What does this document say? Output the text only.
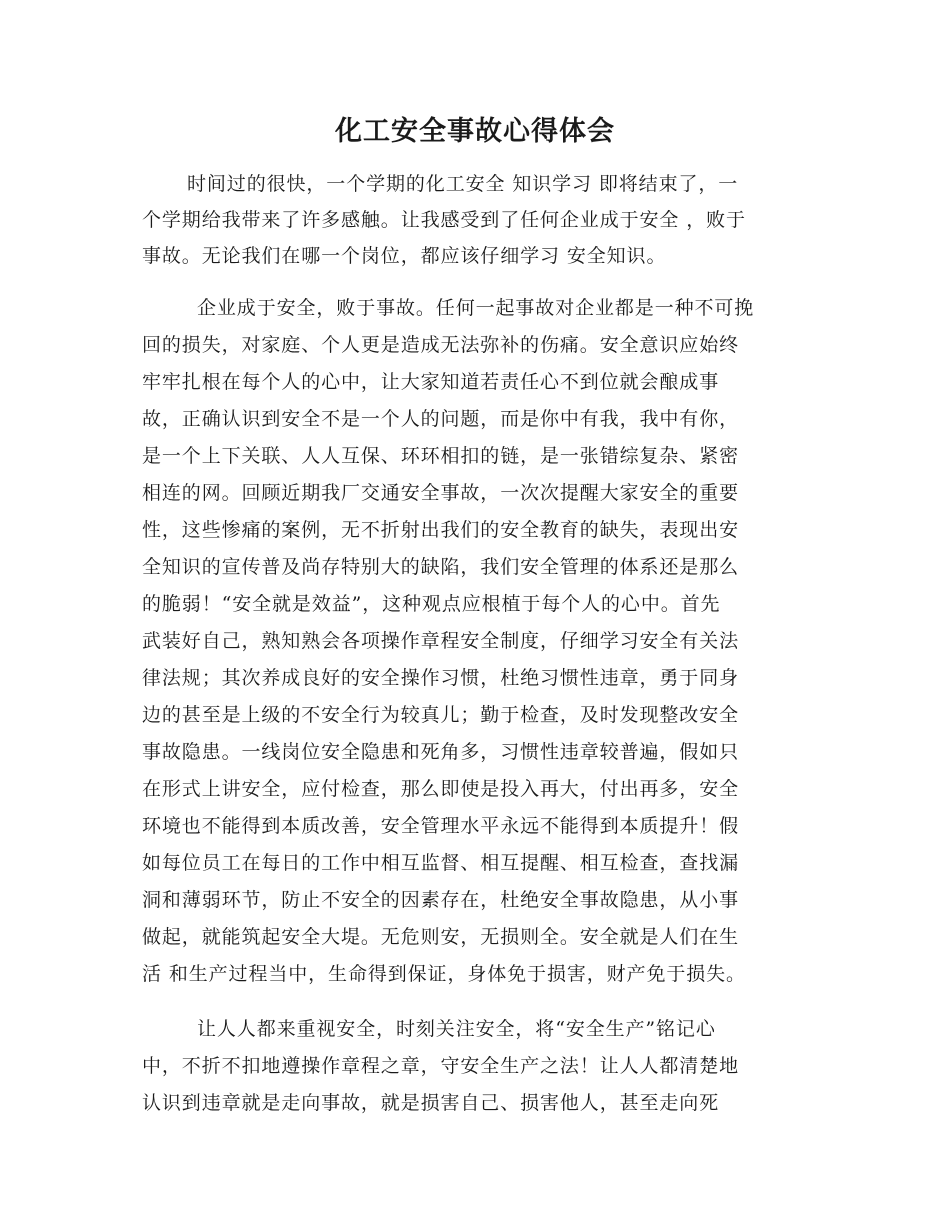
化工安全事故心得体会

时间过的很快，一个学期的化工安全 知识学习 即将结束了，一

个学期给我带来了许多感触。让我感受到了任何企业成于安全 ，败于

事故。无论我们在哪一个岗位，都应该仔细学习 安全知识。

企业成于安全，败于事故。任何一起事故对企业都是一种不可挽

回的损失，对家庭、个人更是造成无法弥补的伤痛。安全意识应始终

牢牢扎根在每个人的心中，让大家知道若责任心不到位就会酿成事

故，正确认识到安全不是一个人的问题，而是你中有我，我中有你，

是一个上下关联、人人互保、环环相扣的链，是一张错综复杂、紧密

相连的网。回顾近期我厂交通安全事故，一次次提醒大家安全的重要

性，这些惨痛的案例，无不折射出我们的安全教育的缺失，表现出安

全知识的宣传普及尚存特别大的缺陷，我们安全管理的体系还是那么

的脆弱！“安全就是效益”，这种观点应根植于每个人的心中。首先

武装好自己，熟知熟会各项操作章程安全制度，仔细学习安全有关法

律法规；其次养成良好的安全操作习惯，杜绝习惯性违章，勇于同身

边的甚至是上级的不安全行为较真儿；勤于检查，及时发现整改安全

事故隐患。一线岗位安全隐患和死角多，习惯性违章较普遍，假如只

在形式上讲安全，应付检查，那么即使是投入再大，付出再多，安全

环境也不能得到本质改善，安全管理水平永远不能得到本质提升！假

如每位员工在每日的工作中相互监督、相互提醒、相互检查，查找漏

洞和薄弱环节，防止不安全的因素存在，杜绝安全事故隐患，从小事

做起，就能筑起安全大堤。无危则安，无损则全。安全就是人们在生

活 和生产过程当中，生命得到保证，身体免于损害，财产免于损失。

让人人都来重视安全，时刻关注安全，将“安全生产”铭记心

中，不折不扣地遵操作章程之章，守安全生产之法！让人人都清楚地

认识到违章就是走向事故，就是损害自己、损害他人，甚至走向死
